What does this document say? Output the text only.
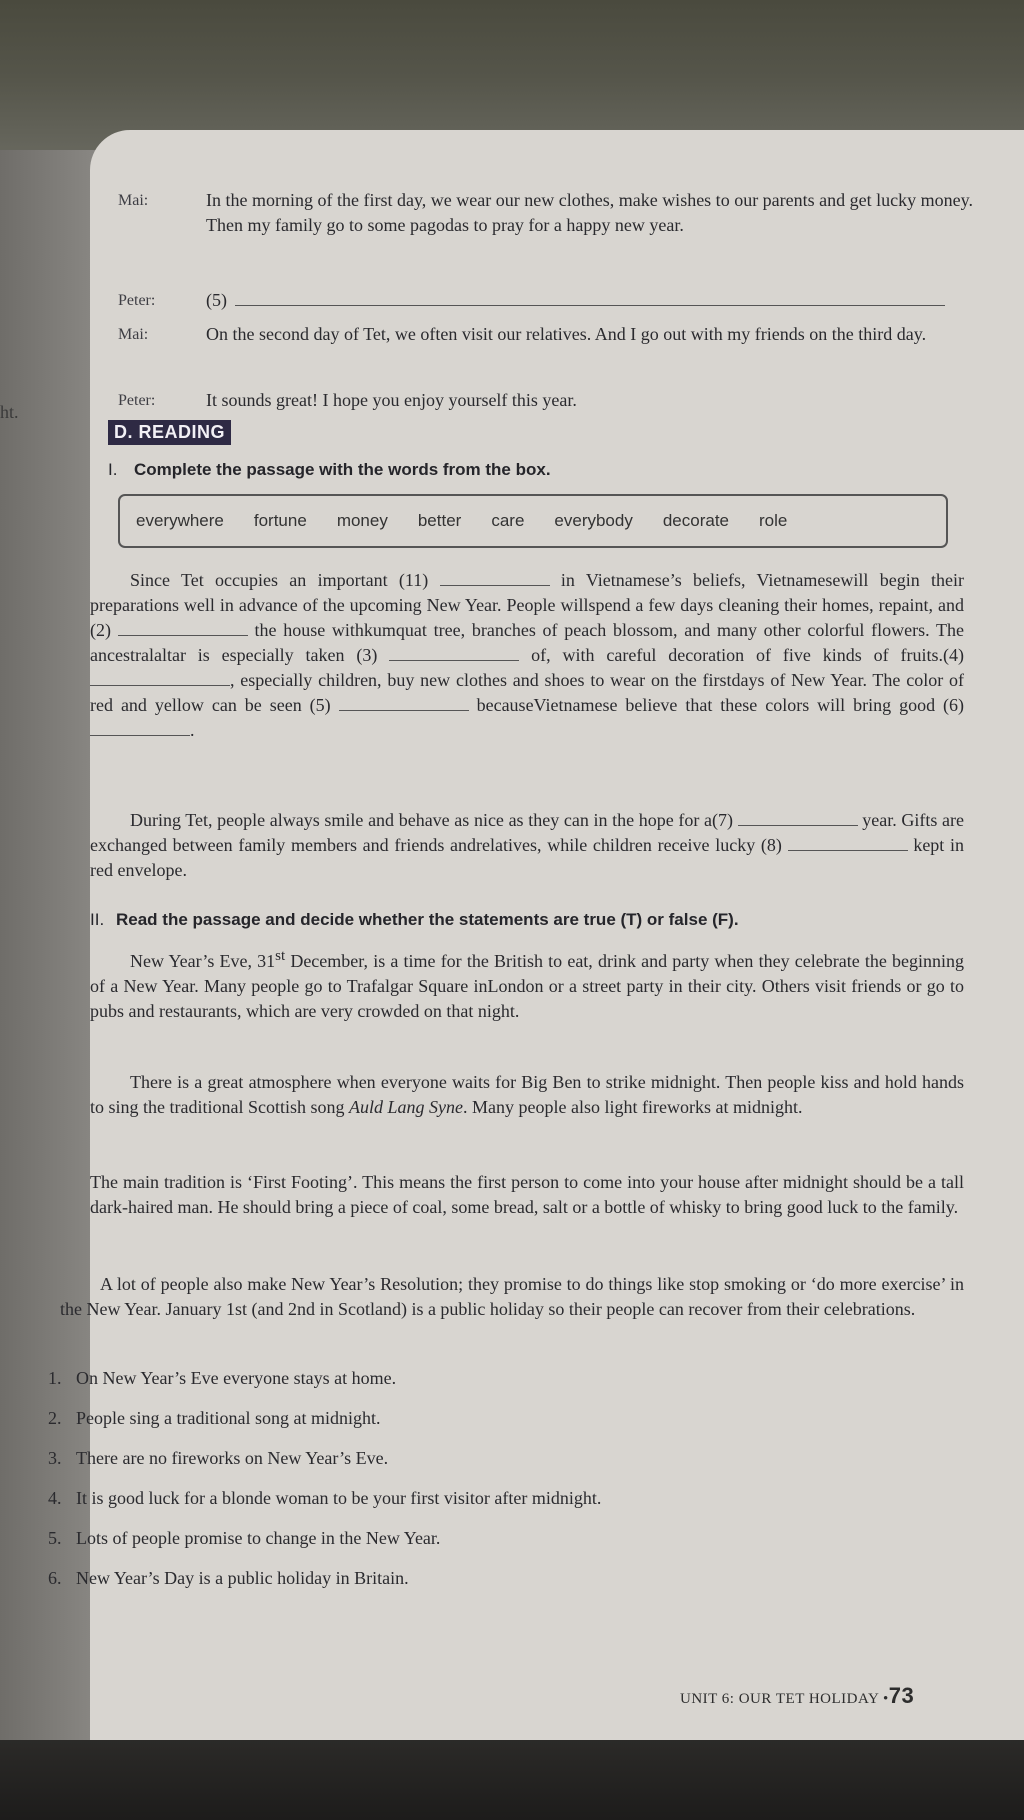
ht.
Mai:	In the morning of the first day, we wear our new clothes, make wishes to our parents and get lucky money. Then my family go to some pagodas to pray for a happy new year.
Peter:	(5)
Mai:	On the second day of Tet, we often visit our relatives. And I go out with my friends on the third day.
Peter:	It sounds great! I hope you enjoy yourself this year.
D. READING
I. Complete the passage with the words from the box.
everywhere fortune money better care everybody decorate role

Since Tet occupies an important (11)	in Vietnamese’s beliefs, Vietnamesewill begin their preparations well in advance of the upcoming New Year. People willspend a few days cleaning their homes, repaint, and (2)	the house withkumquat tree, branches of peach blossom, and many other colorful flowers. The ancestralaltar is especially taken (3)	of, with careful decoration of five kinds of fruits.(4) , especially children, buy new clothes and shoes to wear on the firstdays of New Year. The color of red and yellow can be seen (5)	becauseVietnamese believe that these colors will bring good (6) .

During Tet, people always smile and behave as nice as they can in the hope for a(7)	year. Gifts are exchanged between family members and friends andrelatives, while children receive lucky (8)	kept in red envelope.

II. Read the passage and decide whether the statements are true (T) or false (F).

New Year’s Eve, 31st December, is a time for the British to eat, drink and party when they celebrate the beginning of a New Year. Many people go to Trafalgar Square inLondon or a street party in their city. Others visit friends or go to pubs and restaurants, which are very crowded on that night.

There is a great atmosphere when everyone waits for Big Ben to strike midnight. Then people kiss and hold hands to sing the traditional Scottish song Auld Lang Syne. Many people also light fireworks at midnight.

The main tradition is ‘First Footing’. This means the first person to come into your house after midnight should be a tall dark-haired man. He should bring a piece of coal, some bread, salt or a bottle of whisky to bring good luck to the family.

A lot of people also make New Year’s Resolution; they promise to do things like stop smoking or ‘do more exercise’ in the New Year. January 1st (and 2nd in Scotland) is a public holiday so their people can recover from their celebrations.

1. On New Year’s Eve everyone stays at home.
2. People sing a traditional song at midnight.
3. There are no fireworks on New Year’s Eve.
4. It is good luck for a blonde woman to be your first visitor after midnight.
5. Lots of people promise to change in the New Year.
6. New Year’s Day is a public holiday in Britain.
UNIT 6: OUR TET HOLIDAY •73
